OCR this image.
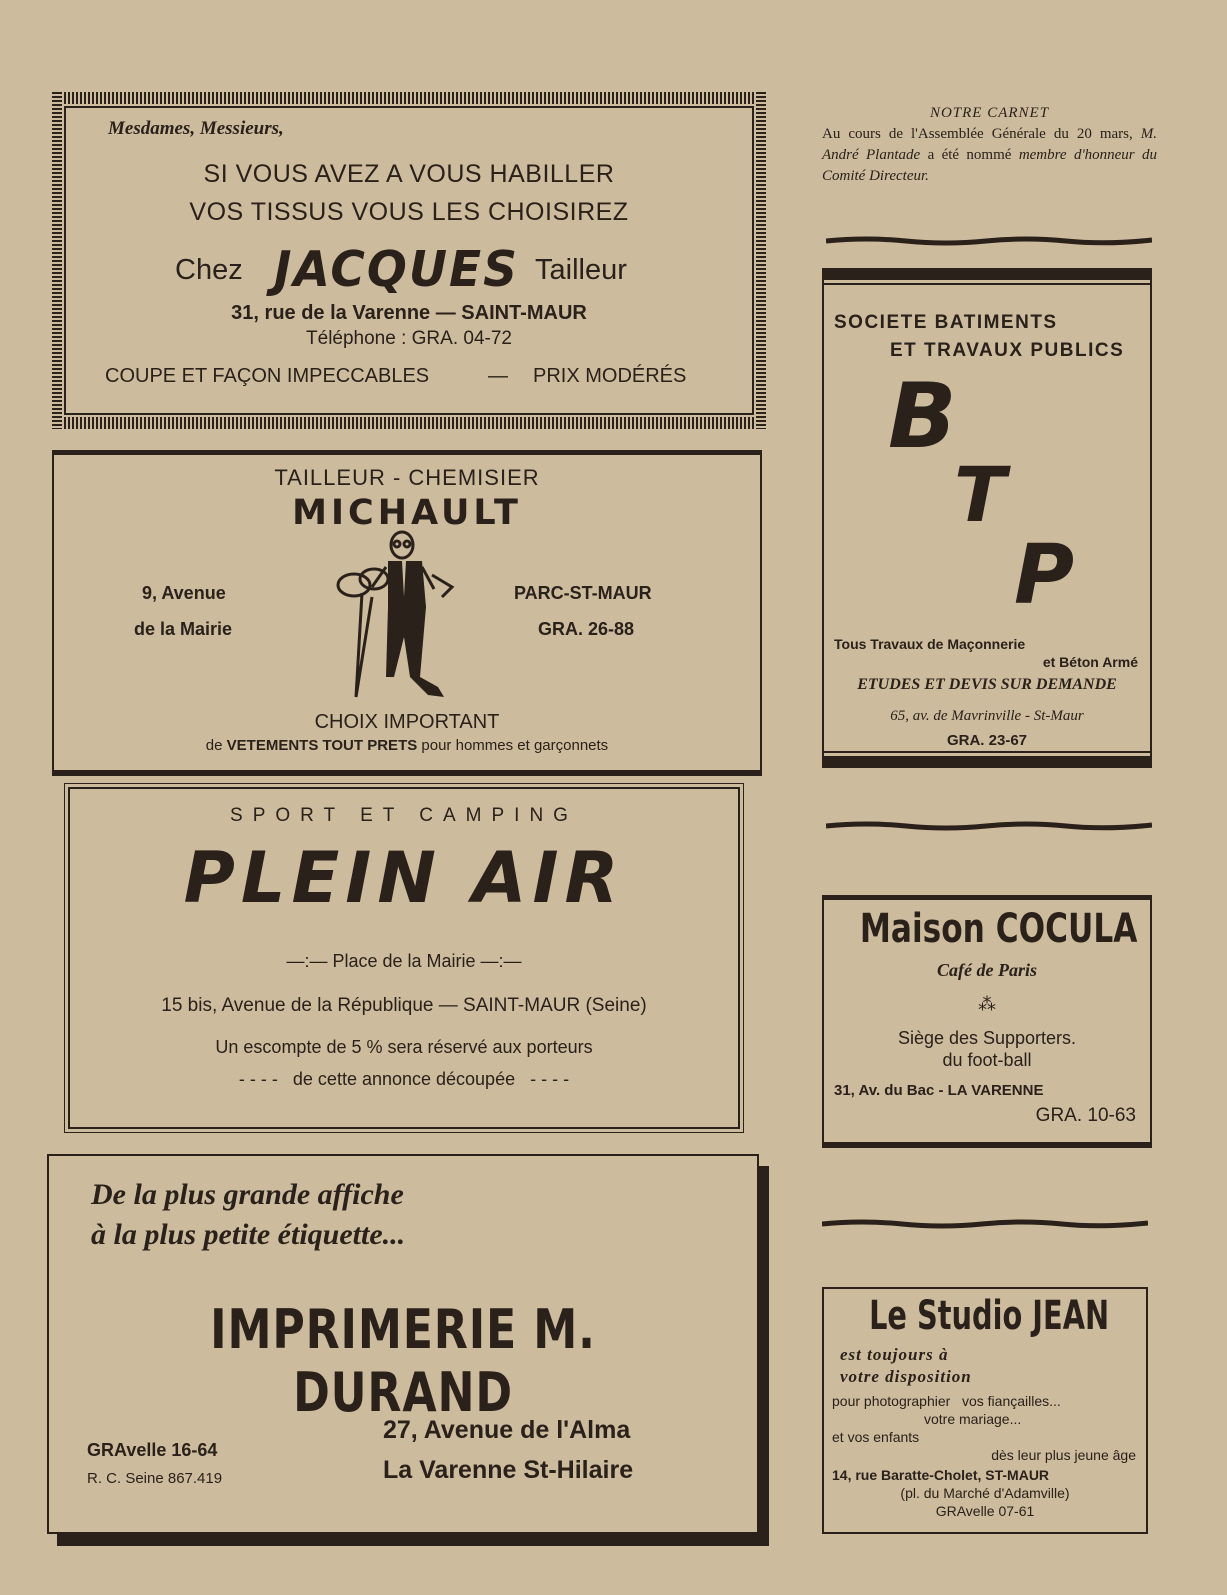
Mesdames, Messieurs,
SI VOUS AVEZ A VOUS HABILLER
VOS TISSUS VOUS LES CHOISIREZ
Chez JACQUES Tailleur
31, rue de la Varenne — SAINT-MAUR
Téléphone : GRA. 04-72
COUPE ET FAÇON IMPECCABLES	— PRIX MODÉRÉS
TAILLEUR - CHEMISIER
MICHAULT
9, Avenue
de la Mairie
PARC-ST-MAUR
GRA. 26-88
CHOIX IMPORTANT
de VETEMENTS TOUT PRETS pour hommes et garçonnets
SPORT ET CAMPING
PLEIN AIR
—:— Place de la Mairie —:—
15 bis, Avenue de la République — SAINT-MAUR (Seine)
Un escompte de 5 % sera réservé aux porteurs
- - - -   de cette annonce découpée   - - - -
De la plus grande affiche
à la plus petite étiquette...
IMPRIMERIE M. DURAND
GRAvelle 16-64
R. C. Seine 867.419
27, Avenue de l'Alma
La Varenne St-Hilaire
NOTRE CARNET
Au cours de l'Assemblée Générale du 20 mars, M. André Plantade a été nommé membre d'honneur du Comité Directeur.
SOCIETE BATIMENTS
ET TRAVAUX PUBLICS
B
T
P
Tous Travaux de Maçonnerie
et Béton Armé
ETUDES ET DEVIS SUR DEMANDE
65, av. de Mavrinville - St-Maur
GRA. 23-67
Maison COCULA
Café de Paris
⁂
Siège des Supporters.
du foot-ball
31, Av. du Bac - LA VARENNE
GRA. 10-63
Le Studio JEAN
est toujours à
votre disposition
pour photographier   vos fiançailles...
votre mariage...
et vos enfants
dès leur plus jeune âge
14, rue Baratte-Cholet, ST-MAUR
(pl. du Marché d'Adamville)
GRAvelle 07-61
